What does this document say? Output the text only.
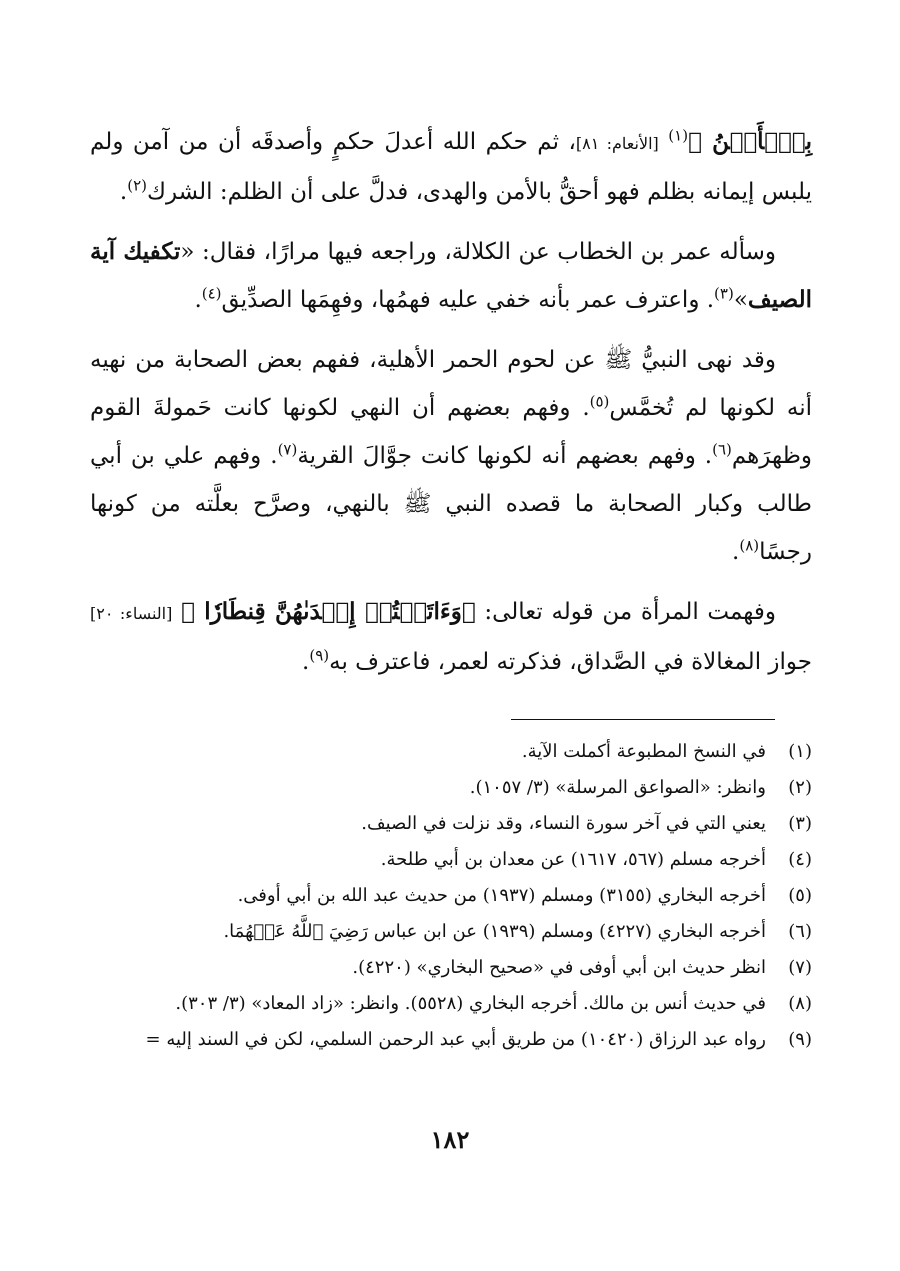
بِٱلۡأَمۡنُ ﴾$^{(١)}$ [الأنعام: ٨١]، ثم حكم الله أعدلَ حكمٍ وأصدقَه أن من آمن ولم يلبس إيمانه بظلم فهو أحقُّ بالأمن والهدى، فدلَّ على أن الظلم: الشرك$^{(٢)}$.

وسأله عمر بن الخطاب عن الكلالة، وراجعه فيها مرارًا، فقال: «تكفيك آية الصيف»$^{(٣)}$. واعترف عمر بأنه خفي عليه فهمُها، وفهِمَها الصدِّيق$^{(٤)}$.

وقد نهى النبيُّ ﷺ عن لحوم الحمر الأهلية، ففهم بعض الصحابة من نهيه أنه لكونها لم تُخمَّس$^{(٥)}$. وفهم بعضهم أن النهي لكونها كانت حَمولةَ القوم وظهرَهم$^{(٦)}$. وفهم بعضهم أنه لكونها كانت جوَّالَ القرية$^{(٧)}$. وفهم علي بن أبي طالب وكبار الصحابة ما قصده النبي ﷺ بالنهي، وصرَّح بعلَّته من كونها رجسًا$^{(٨)}$.

وفهمت المرأة من قوله تعالى: ﴿وَءَاتَيۡتُمۡ إِحۡدَىٰهُنَّ قِنطَارٗا ﴾ [النساء: ٢٠] جواز المغالاة في الصَّداق، فذكرته لعمر، فاعترف به$^{(٩)}$.

(١)
في النسخ المطبوعة أكملت الآية.
(٢)
وانظر: «الصواعق المرسلة» (٣/ ١٠٥٧).
(٣)
يعني التي في آخر سورة النساء، وقد نزلت في الصيف.
(٤)
أخرجه مسلم (٥٦٧، ١٦١٧) عن معدان بن أبي طلحة.
(٥)
أخرجه البخاري (٣١٥٥) ومسلم (١٩٣٧) من حديث عبد الله بن أبي أوفى.
(٦)
أخرجه البخاري (٤٢٢٧) ومسلم (١٩٣٩) عن ابن عباس رَضِيَ ٱللَّهُ عَنۡهُمَا.
(٧)
انظر حديث ابن أبي أوفى في «صحيح البخاري» (٤٢٢٠).
(٨)
في حديث أنس بن مالك. أخرجه البخاري (٥٥٢٨). وانظر: «زاد المعاد» (٣/ ٣٠٣).
(٩)
رواه عبد الرزاق (١٠٤٢٠) من طريق أبي عبد الرحمن السلمي، لكن في السند إليه =
١٨٢
